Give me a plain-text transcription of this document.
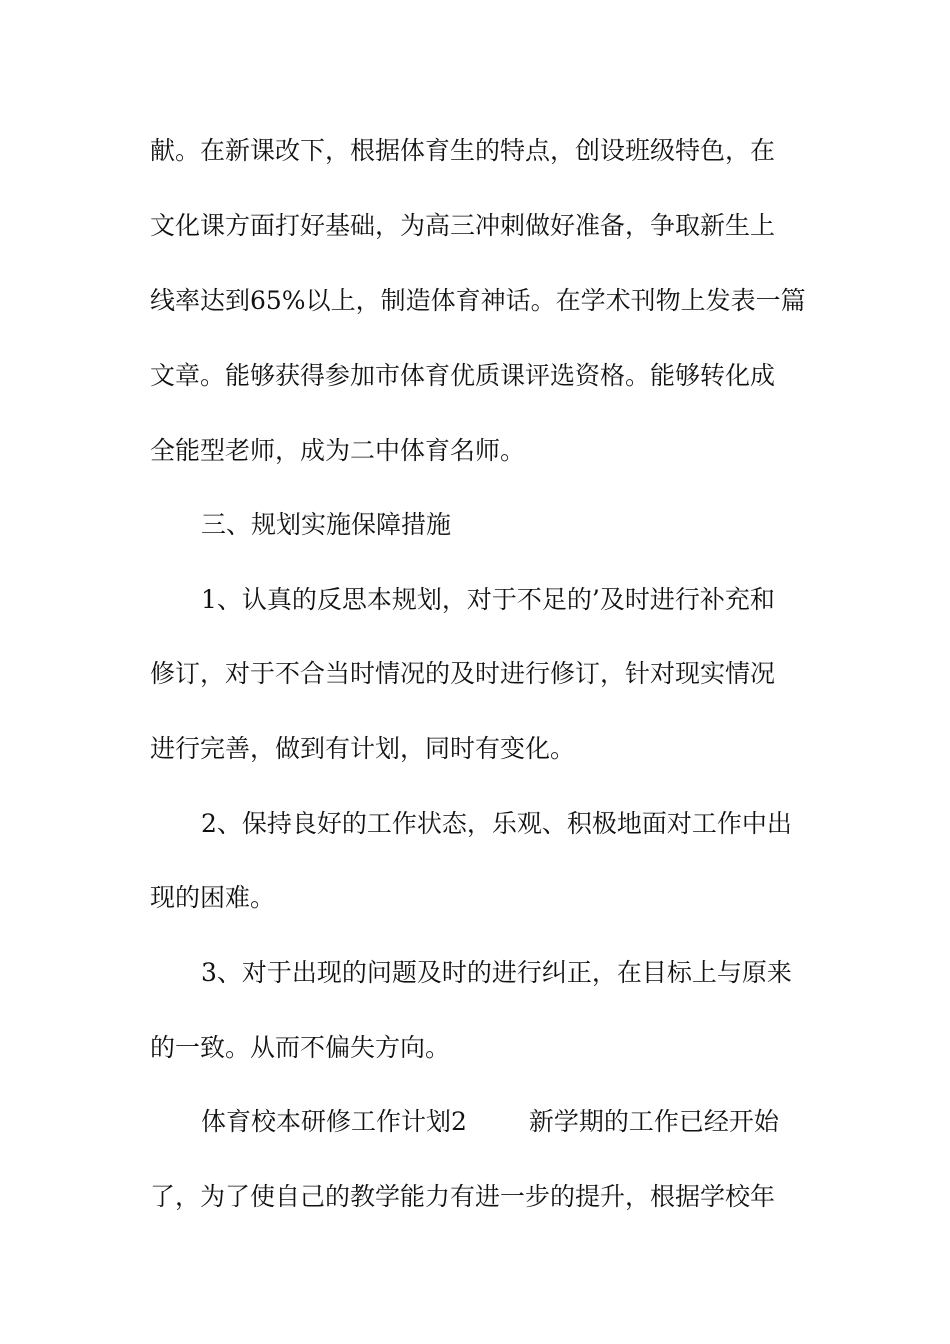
献。在新课改下，根据体育生的特点，创设班级特色，在
文化课方面打好基础，为高三冲刺做好准备，争取新生上
线率达到65%以上，制造体育神话。在学术刊物上发表一篇
文章。能够获得参加市体育优质课评选资格。能够转化成
全能型老师，成为二中体育名师。
三、规划实施保障措施
1、认真的反思本规划，对于不足的’及时进行补充和
修订，对于不合当时情况的及时进行修订，针对现实情况
进行完善，做到有计划，同时有变化。
2、保持良好的工作状态，乐观、积极地面对工作中出
现的困难。
3、对于出现的问题及时的进行纠正，在目标上与原来
的一致。从而不偏失方向。
体育校本研修工作计划2 新学期的工作已经开始
了，为了使自己的教学能力有进一步的提升，根据学校年
